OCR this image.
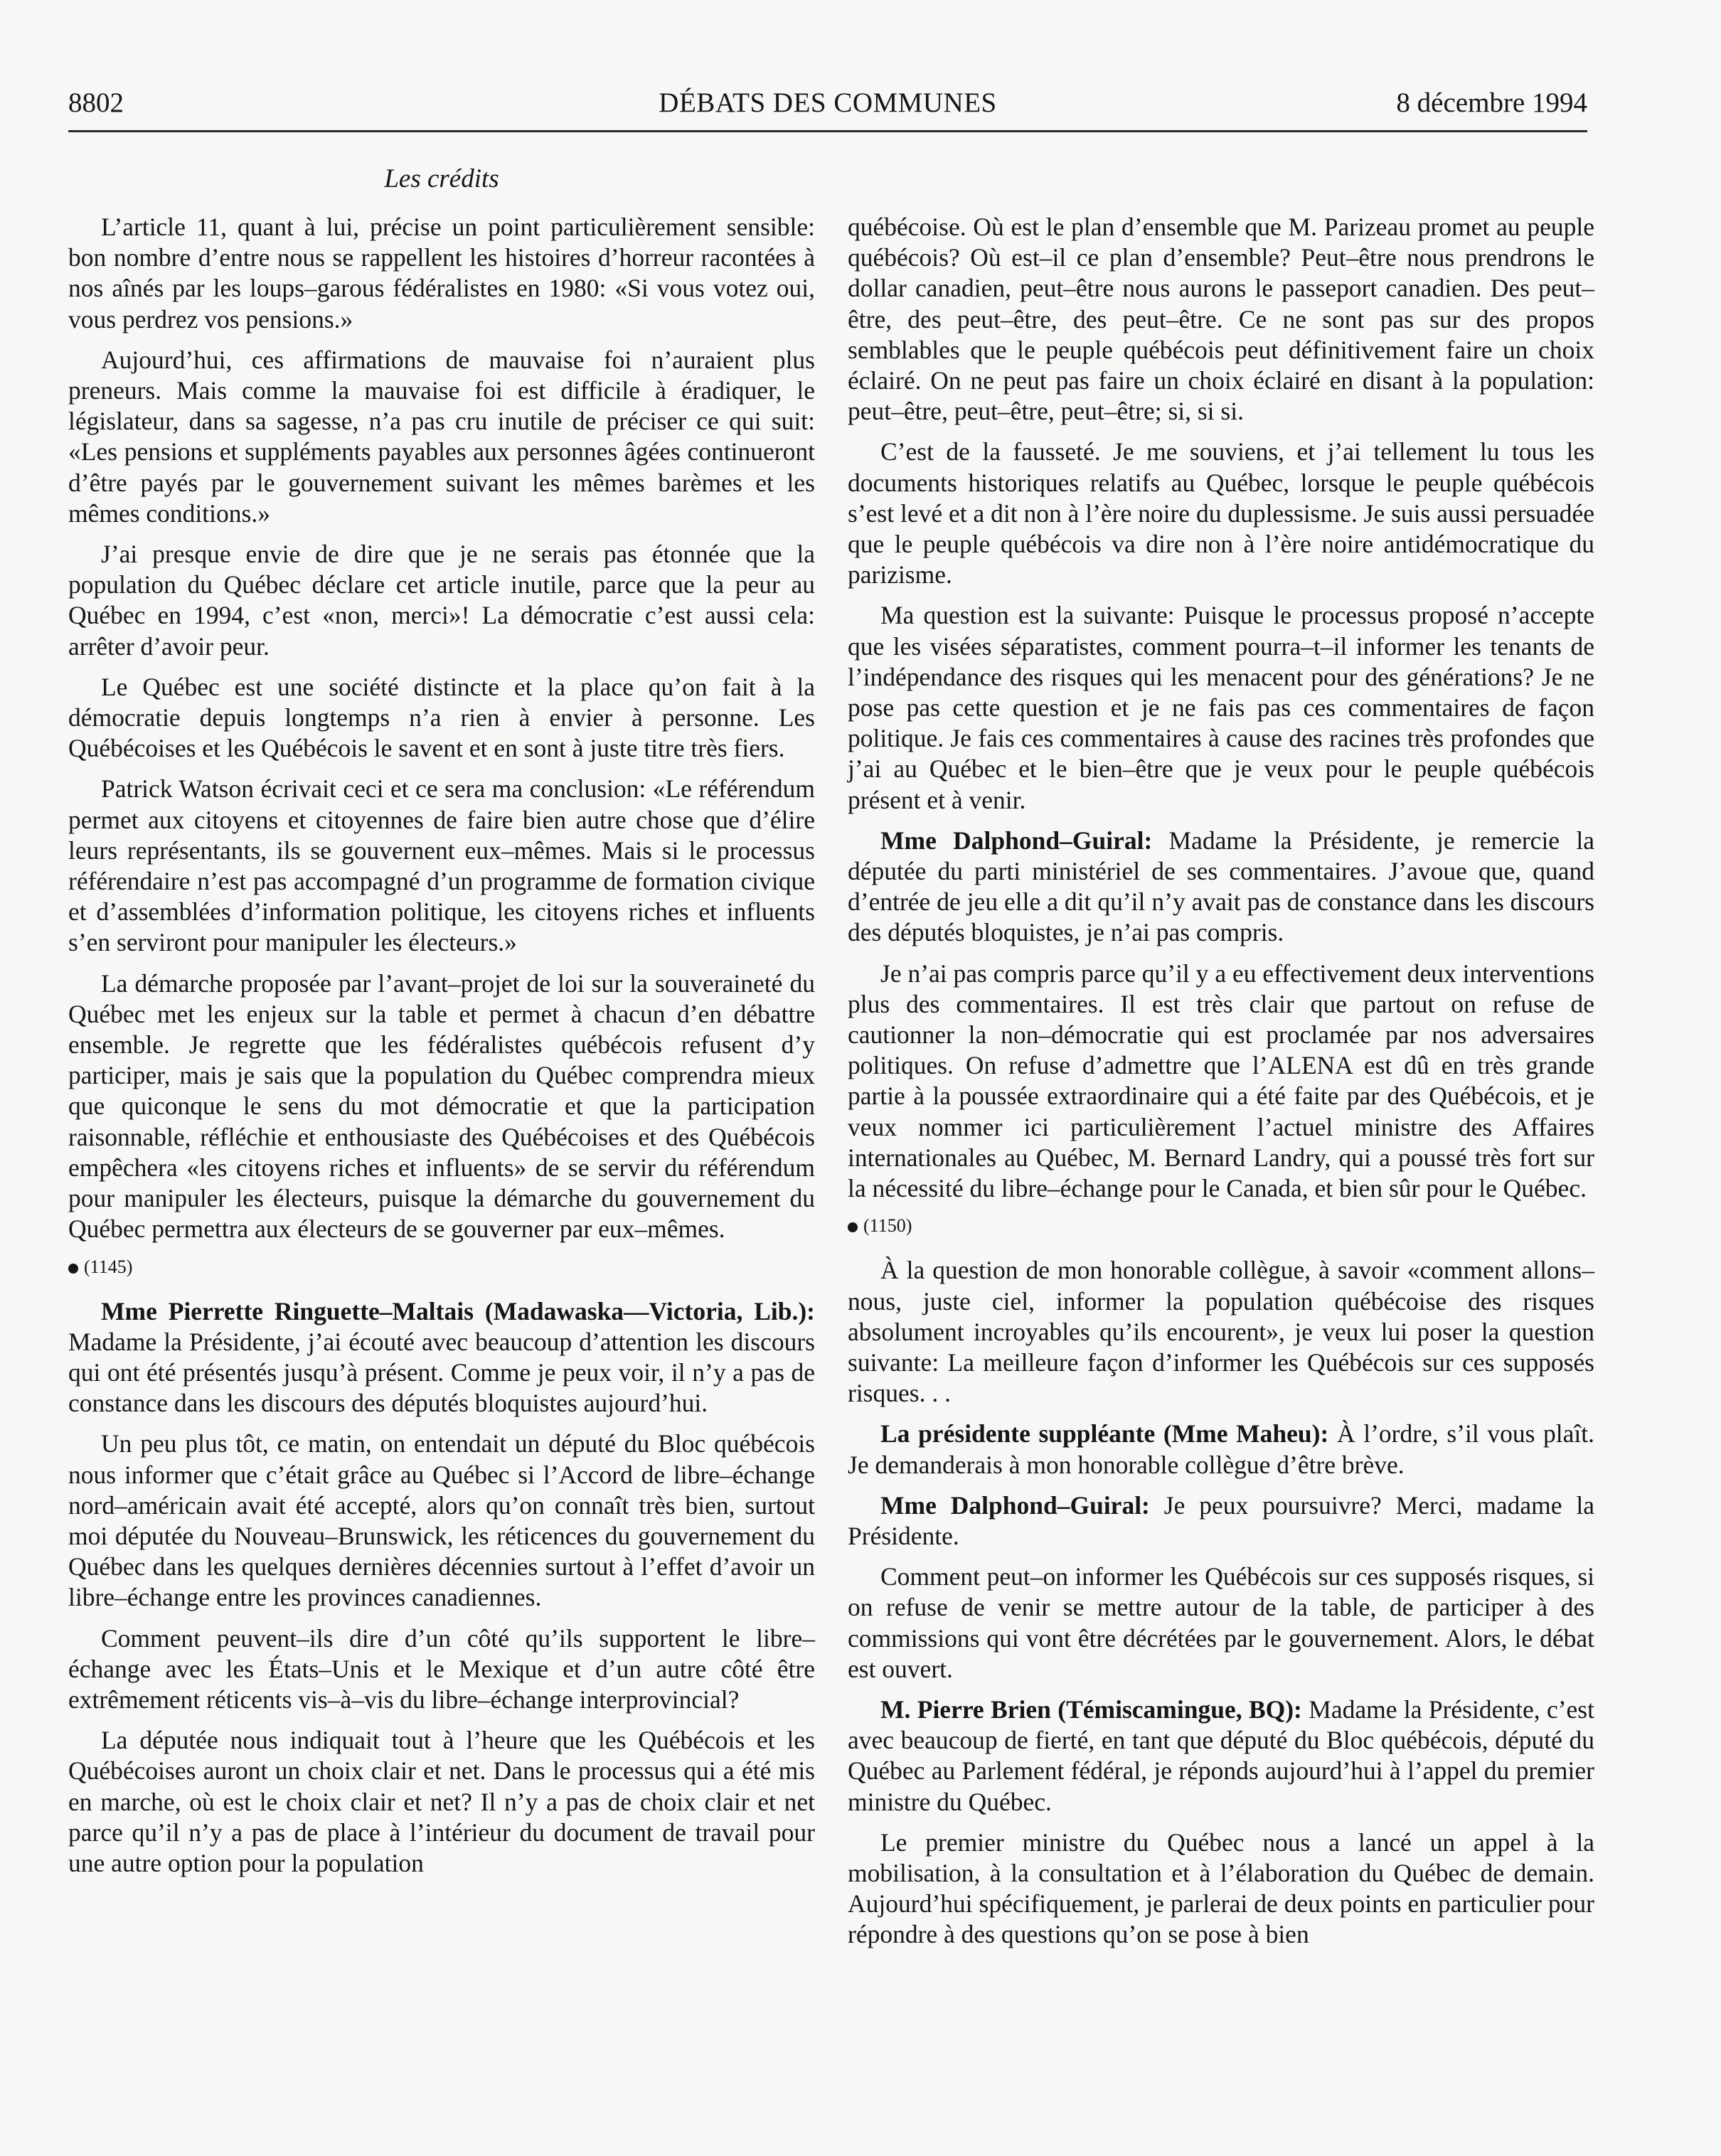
8802	DÉBATS DES COMMUNES	8 décembre 1994
Les crédits

L’article 11, quant à lui, précise un point particulièrement sensible: bon nombre d’entre nous se rappellent les histoires d’horreur racontées à nos aînés par les loups–garous fédéralistes en 1980: «Si vous votez oui, vous perdrez vos pensions.»

Aujourd’hui, ces affirmations de mauvaise foi n’auraient plus preneurs. Mais comme la mauvaise foi est difficile à éradiquer, le législateur, dans sa sagesse, n’a pas cru inutile de préciser ce qui suit: «Les pensions et suppléments payables aux personnes âgées continueront d’être payés par le gouvernement suivant les mêmes barèmes et les mêmes conditions.»

J’ai presque envie de dire que je ne serais pas étonnée que la population du Québec déclare cet article inutile, parce que la peur au Québec en 1994, c’est «non, merci»! La démocratie c’est aussi cela: arrêter d’avoir peur.

Le Québec est une société distincte et la place qu’on fait à la démocratie depuis longtemps n’a rien à envier à personne. Les Québécoises et les Québécois le savent et en sont à juste titre très fiers.

Patrick Watson écrivait ceci et ce sera ma conclusion: «Le référendum permet aux citoyens et citoyennes de faire bien autre chose que d’élire leurs représentants, ils se gouvernent eux–mêmes. Mais si le processus référendaire n’est pas accompagné d’un programme de formation civique et d’assemblées d’information politique, les citoyens riches et influents s’en serviront pour manipuler les électeurs.»

La démarche proposée par l’avant–projet de loi sur la souveraineté du Québec met les enjeux sur la table et permet à chacun d’en débattre ensemble. Je regrette que les fédéralistes québécois refusent d’y participer, mais je sais que la population du Québec comprendra mieux que quiconque le sens du mot démocratie et que la participation raisonnable, réfléchie et enthousiaste des Québécoises et des Québécois empêchera «les citoyens riches et influents» de se servir du référendum pour manipuler les électeurs, puisque la démarche du gouvernement du Québec permettra aux électeurs de se gouverner par eux–mêmes.

(1145)

Mme Pierrette Ringuette–Maltais (Madawaska—Victoria, Lib.): Madame la Présidente, j’ai écouté avec beaucoup d’attention les discours qui ont été présentés jusqu’à présent. Comme je peux voir, il n’y a pas de constance dans les discours des députés bloquistes aujourd’hui.

Un peu plus tôt, ce matin, on entendait un député du Bloc québécois nous informer que c’était grâce au Québec si l’Accord de libre–échange nord–américain avait été accepté, alors qu’on connaît très bien, surtout moi députée du Nouveau–Brunswick, les réticences du gouvernement du Québec dans les quelques dernières décennies surtout à l’effet d’avoir un libre–échange entre les provinces canadiennes.

Comment peuvent–ils dire d’un côté qu’ils supportent le libre–échange avec les États–Unis et le Mexique et d’un autre côté être extrêmement réticents vis–à–vis du libre–échange interprovincial?

La députée nous indiquait tout à l’heure que les Québécois et les Québécoises auront un choix clair et net. Dans le processus qui a été mis en marche, où est le choix clair et net? Il n’y a pas de choix clair et net parce qu’il n’y a pas de place à l’intérieur du document de travail pour une autre option pour la population

québécoise. Où est le plan d’ensemble que M. Parizeau promet au peuple québécois? Où est–il ce plan d’ensemble? Peut–être nous prendrons le dollar canadien, peut–être nous aurons le passeport canadien. Des peut–être, des peut–être, des peut–être. Ce ne sont pas sur des propos semblables que le peuple québécois peut définitivement faire un choix éclairé. On ne peut pas faire un choix éclairé en disant à la population: peut–être, peut–être, peut–être; si, si si.

C’est de la fausseté. Je me souviens, et j’ai tellement lu tous les documents historiques relatifs au Québec, lorsque le peuple québécois s’est levé et a dit non à l’ère noire du duplessisme. Je suis aussi persuadée que le peuple québécois va dire non à l’ère noire antidémocratique du parizisme.

Ma question est la suivante: Puisque le processus proposé n’accepte que les visées séparatistes, comment pourra–t–il informer les tenants de l’indépendance des risques qui les menacent pour des générations? Je ne pose pas cette question et je ne fais pas ces commentaires de façon politique. Je fais ces commentaires à cause des racines très profondes que j’ai au Québec et le bien–être que je veux pour le peuple québécois présent et à venir.

Mme Dalphond–Guiral: Madame la Présidente, je remercie la députée du parti ministériel de ses commentaires. J’avoue que, quand d’entrée de jeu elle a dit qu’il n’y avait pas de constance dans les discours des députés bloquistes, je n’ai pas compris.

Je n’ai pas compris parce qu’il y a eu effectivement deux interventions plus des commentaires. Il est très clair que partout on refuse de cautionner la non–démocratie qui est proclamée par nos adversaires politiques. On refuse d’admettre que l’ALENA est dû en très grande partie à la poussée extraordinaire qui a été faite par des Québécois, et je veux nommer ici particulièrement l’actuel ministre des Affaires internationales au Québec, M. Bernard Landry, qui a poussé très fort sur la nécessité du libre–échange pour le Canada, et bien sûr pour le Québec.

(1150)

À la question de mon honorable collègue, à savoir «comment allons–nous, juste ciel, informer la population québécoise des risques absolument incroyables qu’ils encourent», je veux lui poser la question suivante: La meilleure façon d’informer les Québécois sur ces supposés risques. . .

La présidente suppléante (Mme Maheu): À l’ordre, s’il vous plaît. Je demanderais à mon honorable collègue d’être brève.

Mme Dalphond–Guiral: Je peux poursuivre? Merci, madame la Présidente.

Comment peut–on informer les Québécois sur ces supposés risques, si on refuse de venir se mettre autour de la table, de participer à des commissions qui vont être décrétées par le gouvernement. Alors, le débat est ouvert.

M. Pierre Brien (Témiscamingue, BQ): Madame la Présidente, c’est avec beaucoup de fierté, en tant que député du Bloc québécois, député du Québec au Parlement fédéral, je réponds aujourd’hui à l’appel du premier ministre du Québec.

Le premier ministre du Québec nous a lancé un appel à la mobilisation, à la consultation et à l’élaboration du Québec de demain. Aujourd’hui spécifiquement, je parlerai de deux points en particulier pour répondre à des questions qu’on se pose à bien
